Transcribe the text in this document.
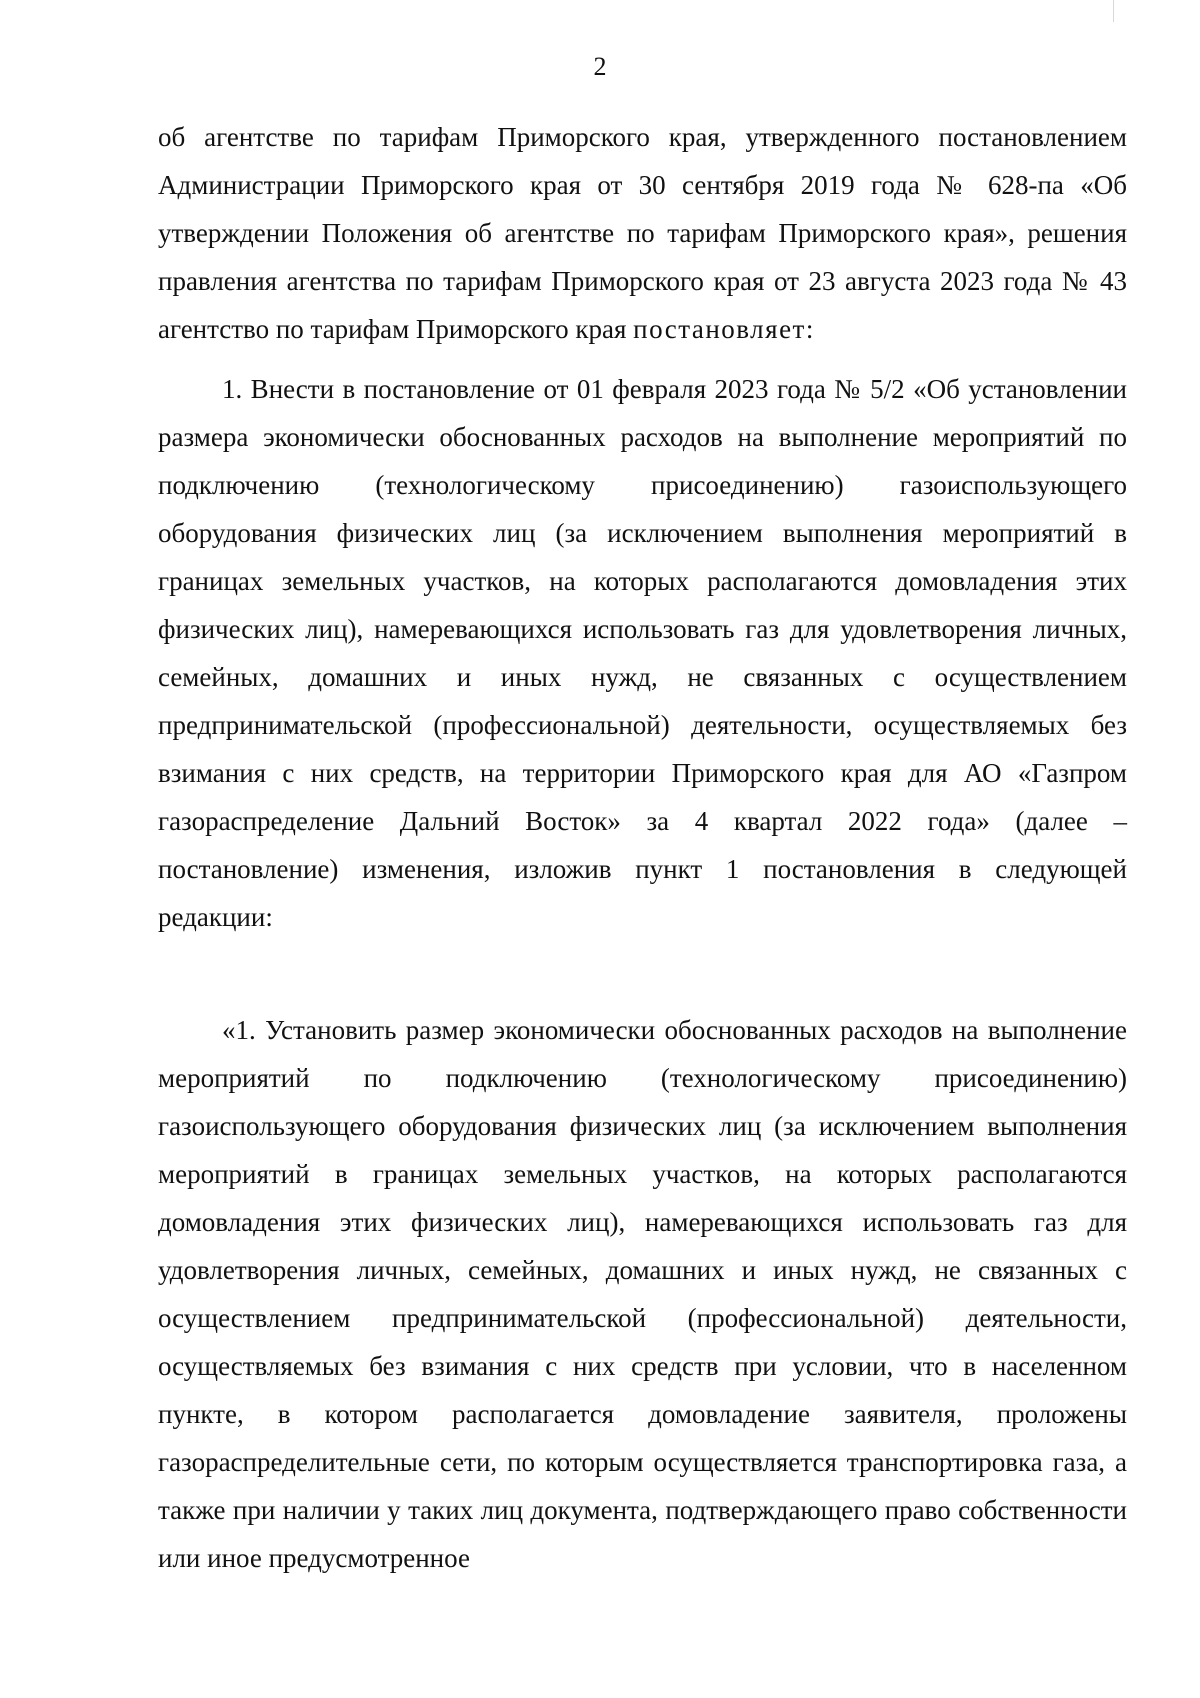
2

об агентстве по тарифам Приморского края, утвержденного постановлением Администрации Приморского края от 30 сентября 2019 года № 628-па «Об утверждении Положения об агентстве по тарифам Приморского края», решения правления агентства по тарифам Приморского края от 23 августа 2023 года № 43 агентство по тарифам Приморского края постановляет:

1. Внести в постановление от 01 февраля 2023 года № 5/2 «Об установлении размера экономически обоснованных расходов на выполнение мероприятий по подключению (технологическому присоединению) газоиспользующего оборудования физических лиц (за исключением выполнения мероприятий в границах земельных участков, на которых располагаются домовладения этих физических лиц), намеревающихся использовать газ для удовлетворения личных, семейных, домашних и иных нужд, не связанных с осуществлением предпринимательской (профессиональной) деятельности, осуществляемых без взимания с них средств, на территории Приморского края для АО «Газпром газораспределение Дальний Восток» за 4 квартал 2022 года» (далее – постановление) изменения, изложив пункт 1 постановления в следующей редакции:

«1. Установить размер экономически обоснованных расходов на выполнение мероприятий по подключению (технологическому присоединению) газоиспользующего оборудования физических лиц (за исключением выполнения мероприятий в границах земельных участков, на которых располагаются домовладения этих физических лиц), намеревающихся использовать газ для удовлетворения личных, семейных, домашних и иных нужд, не связанных с осуществлением предпринимательской (профессиональной) деятельности, осуществляемых без взимания с них средств при условии, что в населенном пункте, в котором располагается домовладение заявителя, проложены газораспределительные сети, по которым осуществляется транспортировка газа, а также при наличии у таких лиц документа, подтверждающего право собственности или иное предусмотренное
